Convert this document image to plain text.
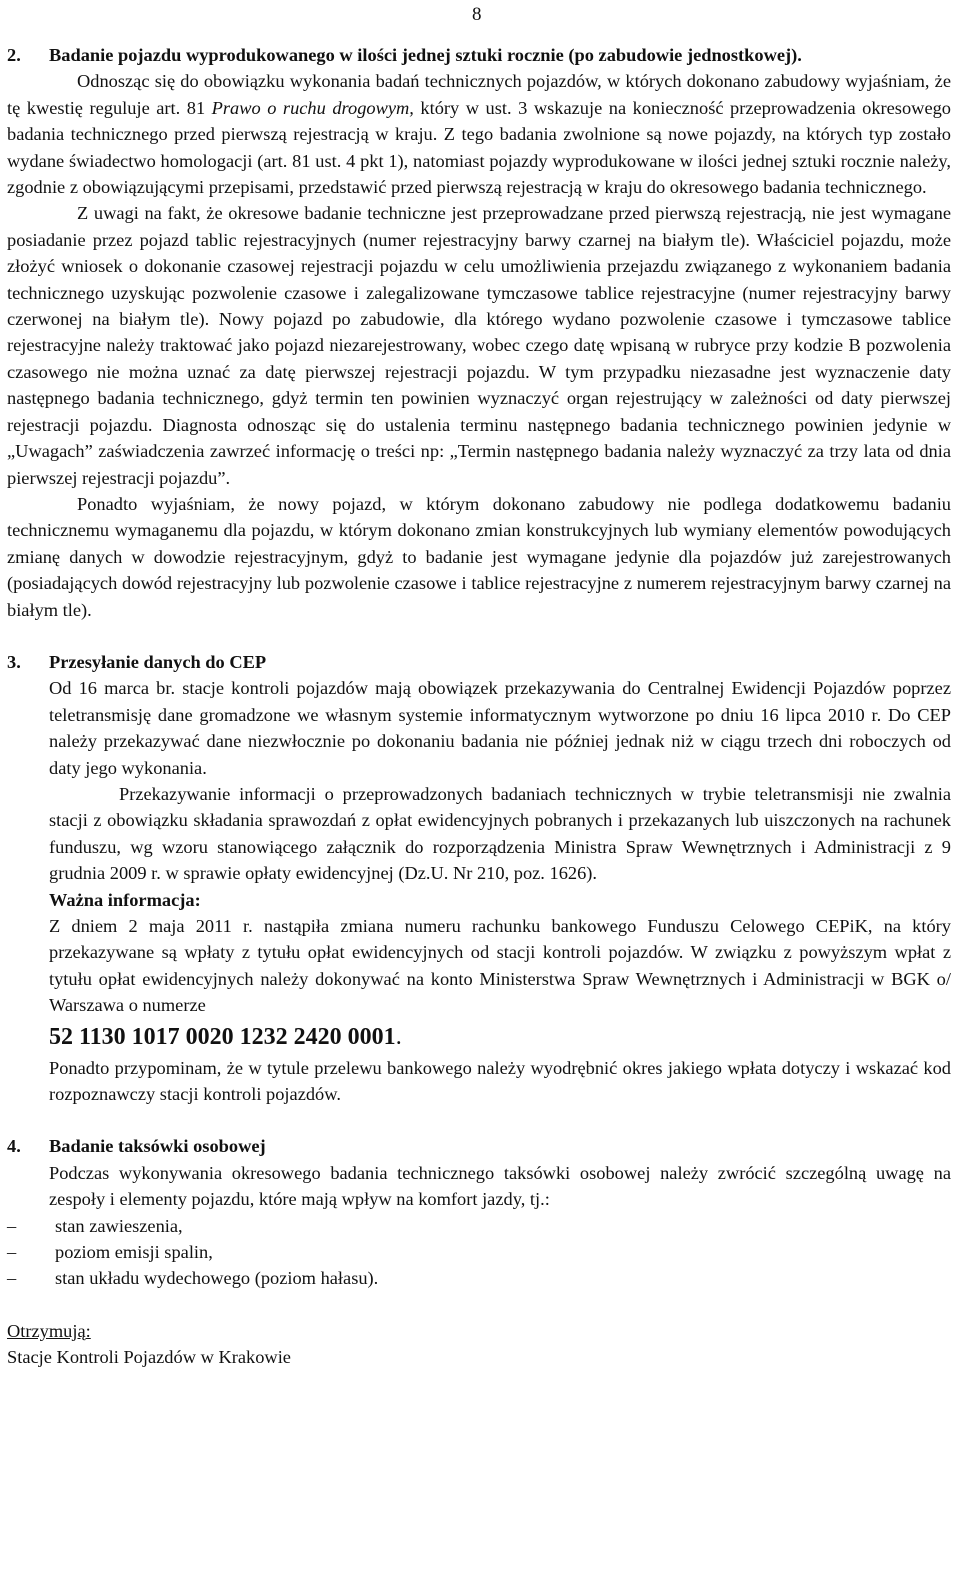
8
2.	Badanie pojazdu wyprodukowanego w ilości jednej sztuki rocznie (po zabudowie jednostkowej).

Odnosząc się do obowiązku wykonania badań technicznych pojazdów, w których dokonano zabudowy wyjaśniam, że tę kwestię reguluje art. 81 Prawo o ruchu drogowym, który w ust. 3 wskazuje na konieczność przeprowadzenia okresowego badania technicznego przed pierwszą rejestracją w kraju. Z tego badania zwolnione są nowe pojazdy, na których typ zostało wydane świadectwo homologacji (art. 81 ust. 4 pkt 1), natomiast pojazdy wyprodukowane w ilości jednej sztuki rocznie należy, zgodnie z obowiązującymi przepisami, przedstawić przed pierwszą rejestracją w kraju do okresowego badania technicznego.

Z uwagi na fakt, że okresowe badanie techniczne jest przeprowadzane przed pierwszą rejestracją, nie jest wymagane posiadanie przez pojazd tablic rejestracyjnych (numer rejestracyjny barwy czarnej na białym tle). Właściciel pojazdu, może złożyć wniosek o dokonanie czasowej rejestracji pojazdu w celu umożliwienia przejazdu związanego z wykonaniem badania technicznego uzyskując pozwolenie czasowe i zalegalizowane tymczasowe tablice rejestracyjne (numer rejestracyjny barwy czerwonej na białym tle). Nowy pojazd po zabudowie, dla którego wydano pozwolenie czasowe i tymczasowe tablice rejestracyjne należy traktować jako pojazd niezarejestrowany, wobec czego datę wpisaną w rubryce przy kodzie B pozwolenia czasowego nie można uznać za datę pierwszej rejestracji pojazdu. W tym przypadku niezasadne jest wyznaczenie daty następnego badania technicznego, gdyż termin ten powinien wyznaczyć organ rejestrujący w zależności od daty pierwszej rejestracji pojazdu. Diagnosta odnosząc się do ustalenia terminu następnego badania technicznego powinien jedynie w „Uwagach” zaświadczenia zawrzeć informację o treści np: „Termin następnego badania należy wyznaczyć za trzy lata od dnia pierwszej rejestracji pojazdu”.

Ponadto wyjaśniam, że nowy pojazd, w którym dokonano zabudowy nie podlega dodatkowemu badaniu technicznemu wymaganemu dla pojazdu, w którym dokonano zmian konstrukcyjnych lub wymiany elementów powodujących zmianę danych w dowodzie rejestracyjnym, gdyż to badanie jest wymagane jedynie dla pojazdów już zarejestrowanych (posiadających dowód rejestracyjny lub pozwolenie czasowe i tablice rejestracyjne z numerem rejestracyjnym barwy czarnej na białym tle).

3.	Przesyłanie danych do CEP

Od 16 marca br. stacje kontroli pojazdów mają obowiązek przekazywania do Centralnej Ewidencji Pojazdów poprzez teletransmisję dane gromadzone we własnym systemie informatycznym wytworzone po dniu 16 lipca 2010 r. Do CEP należy przekazywać dane niezwłocznie po dokonaniu badania nie później jednak niż w ciągu trzech dni roboczych od daty jego wykonania.

Przekazywanie informacji o przeprowadzonych badaniach technicznych w trybie teletransmisji nie zwalnia stacji z obowiązku składania sprawozdań z opłat ewidencyjnych pobranych i przekazanych lub uiszczonych na rachunek funduszu, wg wzoru stanowiącego załącznik do rozporządzenia Ministra Spraw Wewnętrznych i Administracji z 9 grudnia 2009 r. w sprawie opłaty ewidencyjnej (Dz.U. Nr 210, poz. 1626).

Ważna informacja:

Z dniem 2 maja 2011 r. nastąpiła zmiana numeru rachunku bankowego Funduszu Celowego CEPiK, na który przekazywane są wpłaty z tytułu opłat ewidencyjnych od stacji kontroli pojazdów. W związku z powyższym wpłat z tytułu opłat ewidencyjnych należy dokonywać na konto Ministerstwa Spraw Wewnętrznych i Administracji w BGK o/ Warszawa o numerze

52 1130 1017 0020 1232 2420 0001.

Ponadto przypominam, że w tytule przelewu bankowego należy wyodrębnić okres jakiego wpłata dotyczy i wskazać kod rozpoznawczy stacji kontroli pojazdów.

4.	Badanie taksówki osobowej

Podczas wykonywania okresowego badania technicznego taksówki osobowej należy zwrócić szczególną uwagę na zespoły i elementy pojazdu, które mają wpływ na komfort jazdy, tj.:

–	stan zawieszenia,
–	poziom emisji spalin,
–	stan układu wydechowego (poziom hałasu).

Otrzymują:

Stacje Kontroli Pojazdów w Krakowie
